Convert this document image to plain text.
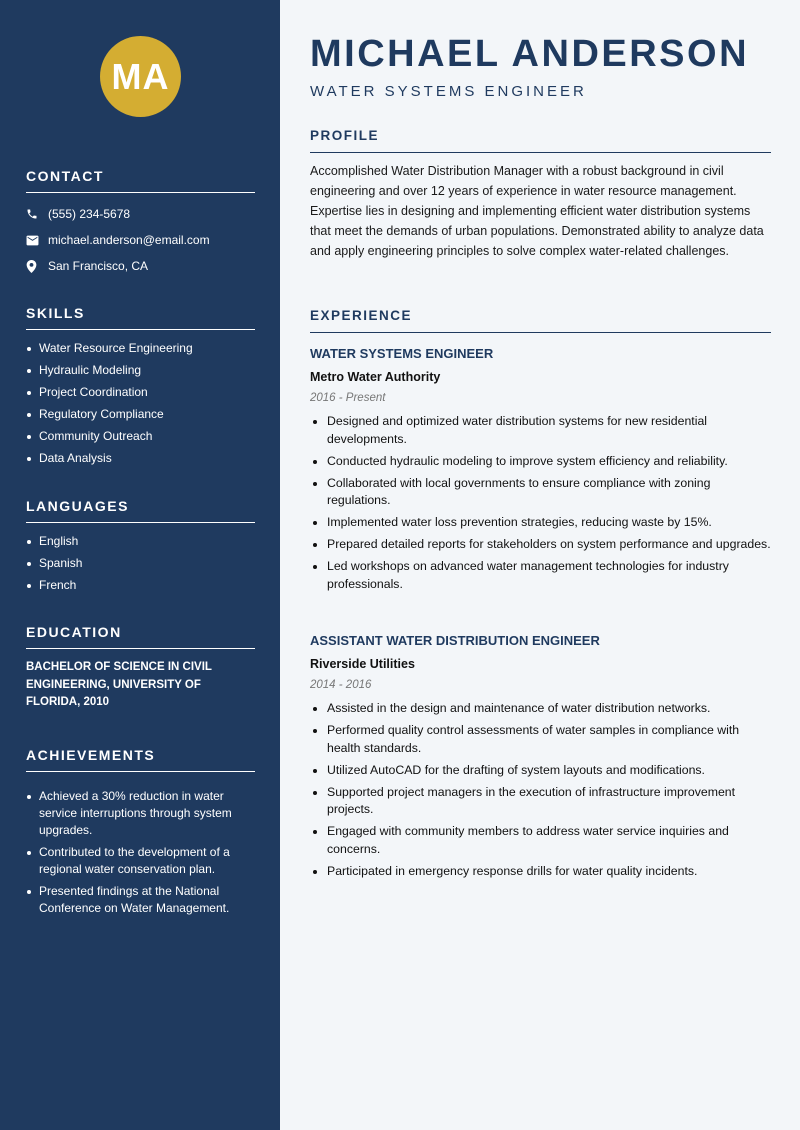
MA
CONTACT
(555) 234-5678
michael.anderson@email.com
San Francisco, CA
SKILLS
Water Resource Engineering
Hydraulic Modeling
Project Coordination
Regulatory Compliance
Community Outreach
Data Analysis
LANGUAGES
English
Spanish
French
EDUCATION
BACHELOR OF SCIENCE IN CIVIL ENGINEERING, UNIVERSITY OF FLORIDA, 2010
ACHIEVEMENTS
Achieved a 30% reduction in water service interruptions through system upgrades.
Contributed to the development of a regional water conservation plan.
Presented findings at the National Conference on Water Management.
MICHAEL ANDERSON
WATER SYSTEMS ENGINEER
PROFILE

Accomplished Water Distribution Manager with a robust background in civil engineering and over 12 years of experience in water resource management. Expertise lies in designing and implementing efficient water distribution systems that meet the demands of urban populations. Demonstrated ability to analyze data and apply engineering principles to solve complex water-related challenges.

EXPERIENCE
WATER SYSTEMS ENGINEER
Metro Water Authority
2016 - Present
Designed and optimized water distribution systems for new residential developments.
Conducted hydraulic modeling to improve system efficiency and reliability.
Collaborated with local governments to ensure compliance with zoning regulations.
Implemented water loss prevention strategies, reducing waste by 15%.
Prepared detailed reports for stakeholders on system performance and upgrades.
Led workshops on advanced water management technologies for industry professionals.
ASSISTANT WATER DISTRIBUTION ENGINEER
Riverside Utilities
2014 - 2016
Assisted in the design and maintenance of water distribution networks.
Performed quality control assessments of water samples in compliance with health standards.
Utilized AutoCAD for the drafting of system layouts and modifications.
Supported project managers in the execution of infrastructure improvement projects.
Engaged with community members to address water service inquiries and concerns.
Participated in emergency response drills for water quality incidents.
